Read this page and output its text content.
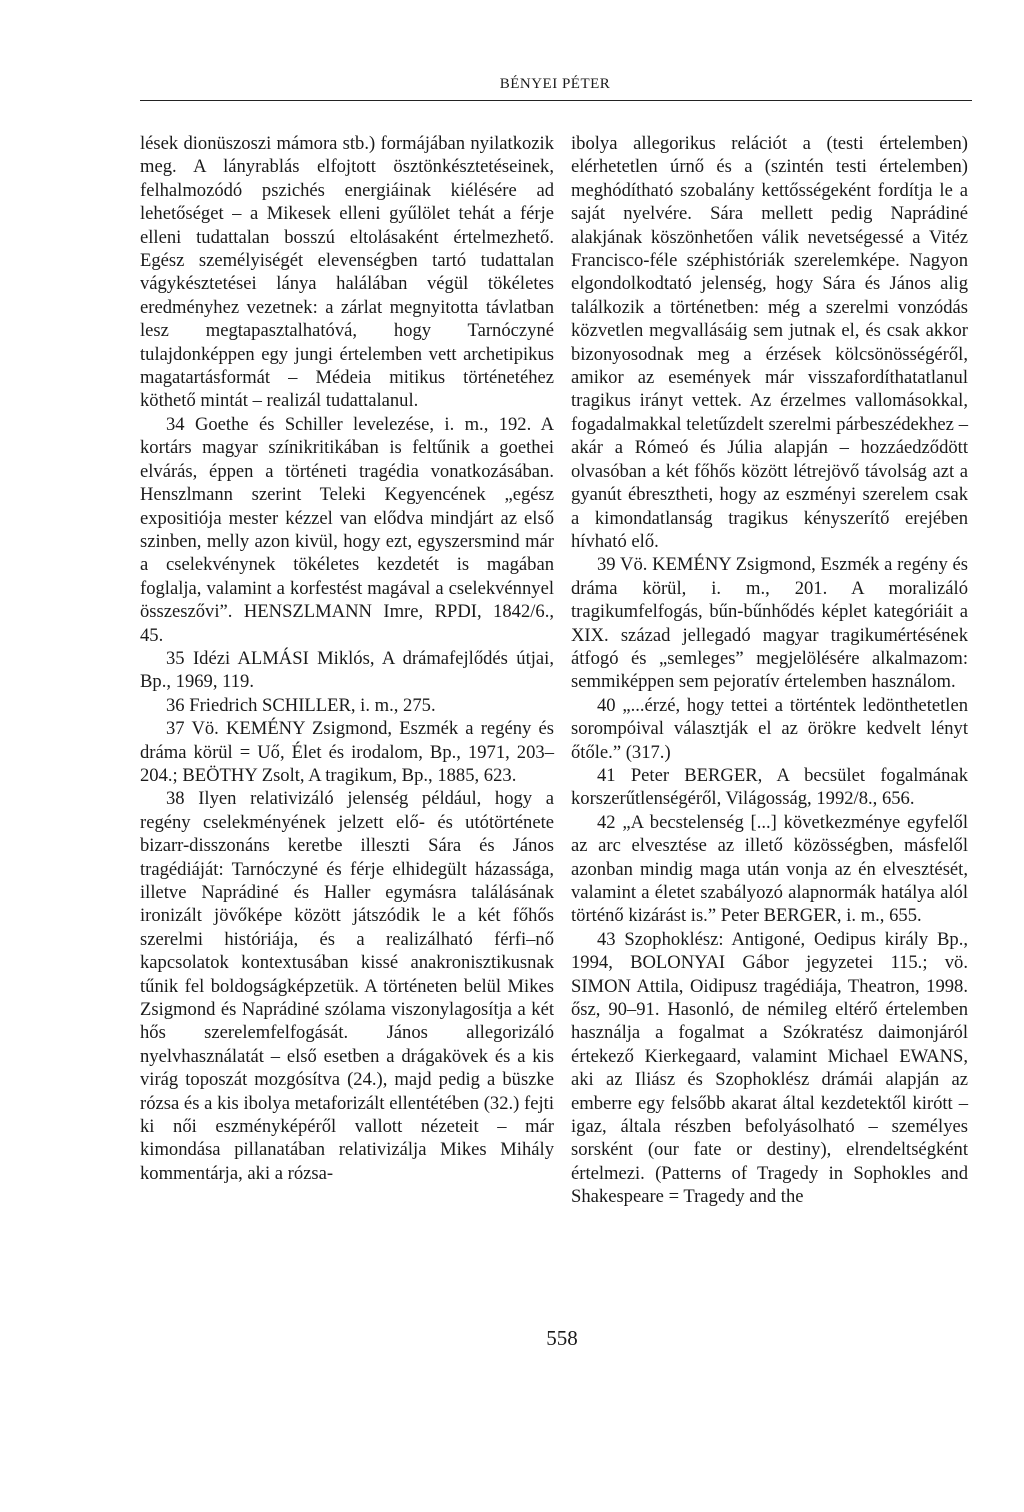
BÉNYEI PÉTER

lések dionüszoszi mámora stb.) formájában nyilatkozik meg. A lányrablás elfojtott ösztönkésztetéseinek, felhalmozódó pszichés energiáinak kiélésére ad lehetőséget – a Mikesek elleni gyűlölet tehát a férje elleni tudattalan bosszú eltolásaként értelmezhető. Egész személyiségét elevenségben tartó tudattalan vágykésztetései lánya halálában végül tökéletes eredményhez vezetnek: a zárlat megnyitotta távlatban lesz megtapasztalhatóvá, hogy Tarnóczyné tulajdonképpen egy jungi értelemben vett archetipikus magatartásformát – Médeia mitikus történetéhez köthető mintát – realizál tudattalanul.

34 Goethe és Schiller levelezése, i. m., 192. A kortárs magyar színikritikában is feltűnik a goethei elvárás, éppen a történeti tragédia vonatkozásában. Henszlmann szerint Teleki Kegyencének „egész expositiója mester kézzel van elődva mindjárt az első szinben, melly azon kivül, hogy ezt, egyszersmind már a cselekvénynek tökéletes kezdetét is magában foglalja, valamint a korfestést magával a cselekvénnyel összeszővi”. HENSZLMANN Imre, RPDI, 1842/6., 45.

35 Idézi ALMÁSI Miklós, A drámafejlődés útjai, Bp., 1969, 119.

36 Friedrich SCHILLER, i. m., 275.

37 Vö. KEMÉNY Zsigmond, Eszmék a regény és dráma körül = Uő, Élet és irodalom, Bp., 1971, 203–204.; BEÖTHY Zsolt, A tragikum, Bp., 1885, 623.

38 Ilyen relativizáló jelenség például, hogy a regény cselekményének jelzett elő- és utótörténete bizarr-disszonáns keretbe illeszti Sára és János tragédiáját: Tarnóczyné és férje elhidegült házassága, illetve Naprádiné és Haller egymásra találásának ironizált jövőképe között játszódik le a két főhős szerelmi históriája, és a realizálható férfi–nő kapcsolatok kontextusában kissé anakronisztikusnak tűnik fel boldogságképzetük. A történeten belül Mikes Zsigmond és Naprádiné szólama viszonylagosítja a két hős szerelemfelfogását. János allegorizáló nyelvhasználatát – első esetben a drágakövek és a kis virág toposzát mozgósítva (24.), majd pedig a büszke rózsa és a kis ibolya metaforizált ellentétében (32.) fejti ki női eszményképéről vallott nézeteit – már kimondása pillanatában relativizálja Mikes Mihály kommentárja, aki a rózsa-

ibolya allegorikus relációt a (testi értelemben) elérhetetlen úrnő és a (szintén testi értelemben) meghódítható szobalány kettősségeként fordítja le a saját nyelvére. Sára mellett pedig Naprádiné alakjának köszönhetően válik nevetségessé a Vitéz Francisco-féle széphistóriák szerelemképe. Nagyon elgondolkodtató jelenség, hogy Sára és János alig találkozik a történetben: még a szerelmi vonzódás közvetlen megvallásáig sem jutnak el, és csak akkor bizonyosodnak meg a érzések kölcsönösségéről, amikor az események már visszafordíthatatlanul tragikus irányt vettek. Az érzelmes vallomásokkal, fogadalmakkal teletűzdelt szerelmi párbeszédekhez – akár a Rómeó és Júlia alapján – hozzáedződött olvasóban a két főhős között létrejövő távolság azt a gyanút ébresztheti, hogy az eszményi szerelem csak a kimondatlanság tragikus kényszerítő erejében hívható elő.

39 Vö. KEMÉNY Zsigmond, Eszmék a regény és dráma körül, i. m., 201. A moralizáló tragikumfelfogás, bűn-bűnhődés képlet kategóriáit a XIX. század jellegadó magyar tragikumértésének átfogó és „semleges” megjelölésére alkalmazom: semmiképpen sem pejoratív értelemben használom.

40 „...érzé, hogy tettei a történtek ledönthetetlen sorompóival választják el az örökre kedvelt lényt őtőle.” (317.)

41 Peter BERGER, A becsület fogalmának korszerűtlenségéről, Világosság, 1992/8., 656.

42 „A becstelenség [...] következménye egyfelől az arc elvesztése az illető közösségben, másfelől azonban mindig maga után vonja az én elvesztését, valamint a életet szabályozó alapnormák hatálya alól történő kizárást is.” Peter BERGER, i. m., 655.

43 Szophoklész: Antigoné, Oedipus király Bp., 1994, BOLONYAI Gábor jegyzetei 115.; vö. SIMON Attila, Oidipusz tragédiája, Theatron, 1998. ősz, 90–91. Hasonló, de némileg eltérő értelemben használja a fogalmat a Szókratész daimonjáról értekező Kierkegaard, valamint Michael EWANS, aki az Iliász és Szophoklész drámái alapján az emberre egy felsőbb akarat által kezdetektől kirótt – igaz, általa részben befolyásolható – személyes sorsként (our fate or destiny), elrendeltségként értelmezi. (Patterns of Tragedy in Sophokles and Shakespeare = Tragedy and the

558
